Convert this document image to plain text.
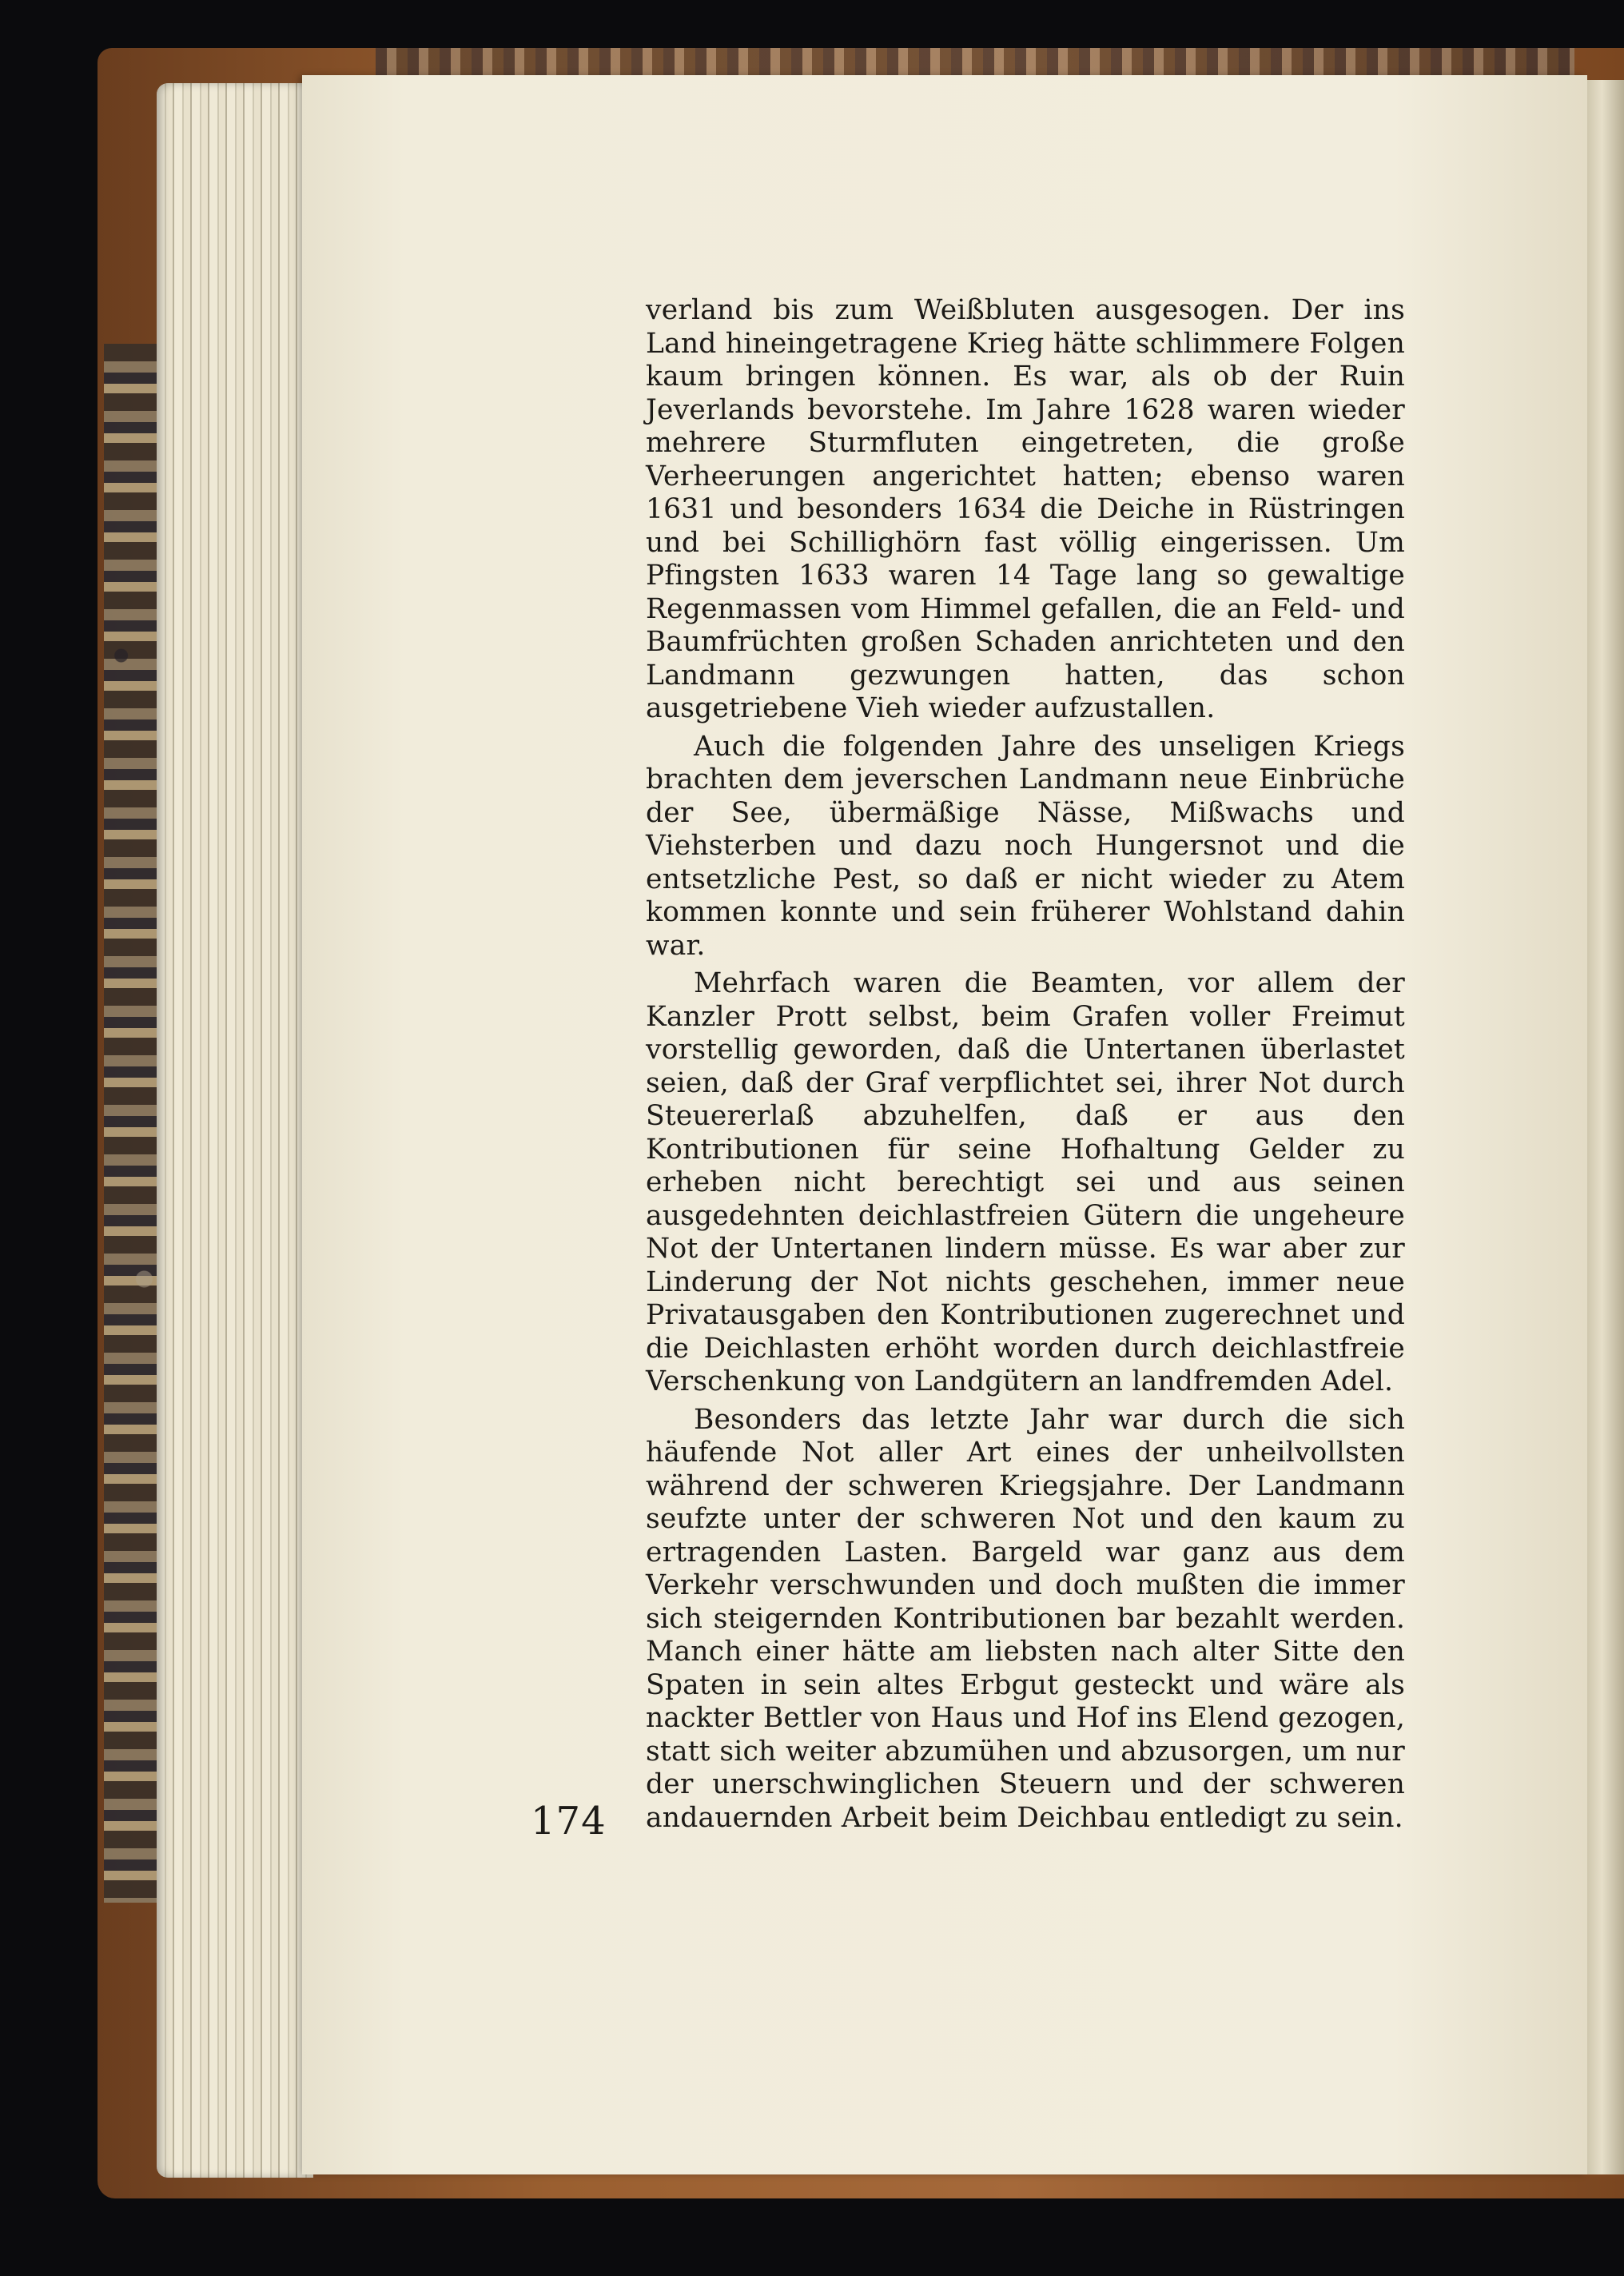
verland bis zum Weißbluten ausgesogen. Der ins Land hineingetragene Krieg hätte schlimmere Folgen kaum bringen können. Es war, als ob der Ruin Jeverlands bevorstehe. Im Jahre 1628 waren wieder mehrere Sturmfluten eingetreten, die große Verheerungen angerichtet hatten; ebenso waren 1631 und besonders 1634 die Deiche in Rüstringen und bei Schillighörn fast völlig eingerissen. Um Pfingsten 1633 waren 14 Tage lang so gewaltige Regenmassen vom Himmel gefallen, die an Feld- und Baumfrüchten großen Schaden anrichteten und den Landmann gezwungen hatten, das schon ausgetriebene Vieh wieder aufzustallen.

Auch die folgenden Jahre des unseligen Kriegs brachten dem jeverschen Landmann neue Einbrüche der See, übermäßige Nässe, Mißwachs und Viehsterben und dazu noch Hungersnot und die entsetzliche Pest, so daß er nicht wieder zu Atem kommen konnte und sein früherer Wohlstand dahin war.

Mehrfach waren die Beamten, vor allem der Kanzler Prott selbst, beim Grafen voller Freimut vorstellig geworden, daß die Untertanen überlastet seien, daß der Graf verpflichtet sei, ihrer Not durch Steuererlaß abzuhelfen, daß er aus den Kontributionen für seine Hofhaltung Gelder zu erheben nicht berechtigt sei und aus seinen ausgedehnten deichlastfreien Gütern die ungeheure Not der Untertanen lindern müsse. Es war aber zur Linderung der Not nichts geschehen, immer neue Privatausgaben den Kontributionen zugerechnet und die Deichlasten erhöht worden durch deichlastfreie Verschenkung von Landgütern an landfremden Adel.

Besonders das letzte Jahr war durch die sich häufende Not aller Art eines der unheilvollsten während der schweren Kriegsjahre. Der Landmann seufzte unter der schweren Not und den kaum zu ertragenden Lasten. Bargeld war ganz aus dem Verkehr verschwunden und doch mußten die immer sich steigernden Kontributionen bar bezahlt werden. Manch einer hätte am liebsten nach alter Sitte den Spaten in sein altes Erbgut gesteckt und wäre als nackter Bettler von Haus und Hof ins Elend gezogen, statt sich weiter abzumühen und abzusorgen, um nur der unerschwinglichen Steuern und der schweren andauernden Arbeit beim Deichbau entledigt zu sein.

174
